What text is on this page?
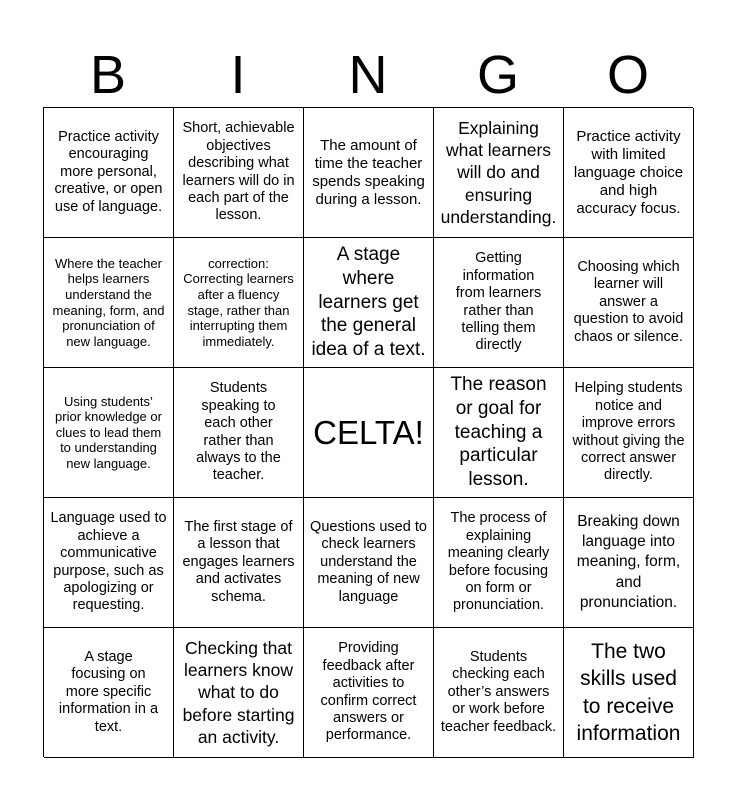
B	I	N	G	O
Practice activity encouraging more personal, creative, or open use of language.
Short, achievable objectives describing what learners will do in each part of the lesson.
The amount of time the teacher spends speaking during a lesson.
Explaining what learners will do and ensuring understanding.
Practice activity with limited language choice and high accuracy focus.
Where the teacher helps learners understand the meaning, form, and pronunciation of new language.
correction: Correcting learners after a fluency stage, rather than interrupting them immediately.
A stage where learners get the general idea of a text.
Getting information from learners rather than telling them directly
Choosing which learner will answer a question to avoid chaos or silence.
Using students’ prior knowledge or clues to lead them to understanding new language.
Students speaking to each other rather than always to the teacher.
CELTA!
The reason or goal for teaching a particular lesson.
Helping students notice and improve errors without giving the correct answer directly.
Language used to achieve a communicative purpose, such as apologizing or requesting.
The first stage of a lesson that engages learners and activates schema.
Questions used to check learners understand the meaning of new language
The process of explaining meaning clearly before focusing on form or pronunciation.
Breaking down language into meaning, form, and pronunciation.
A stage focusing on more specific information in a text.
Checking that learners know what to do before starting an activity.
Providing feedback after activities to confirm correct answers or performance.
Students checking each other’s answers or work before teacher feedback.
The two skills used to receive information
